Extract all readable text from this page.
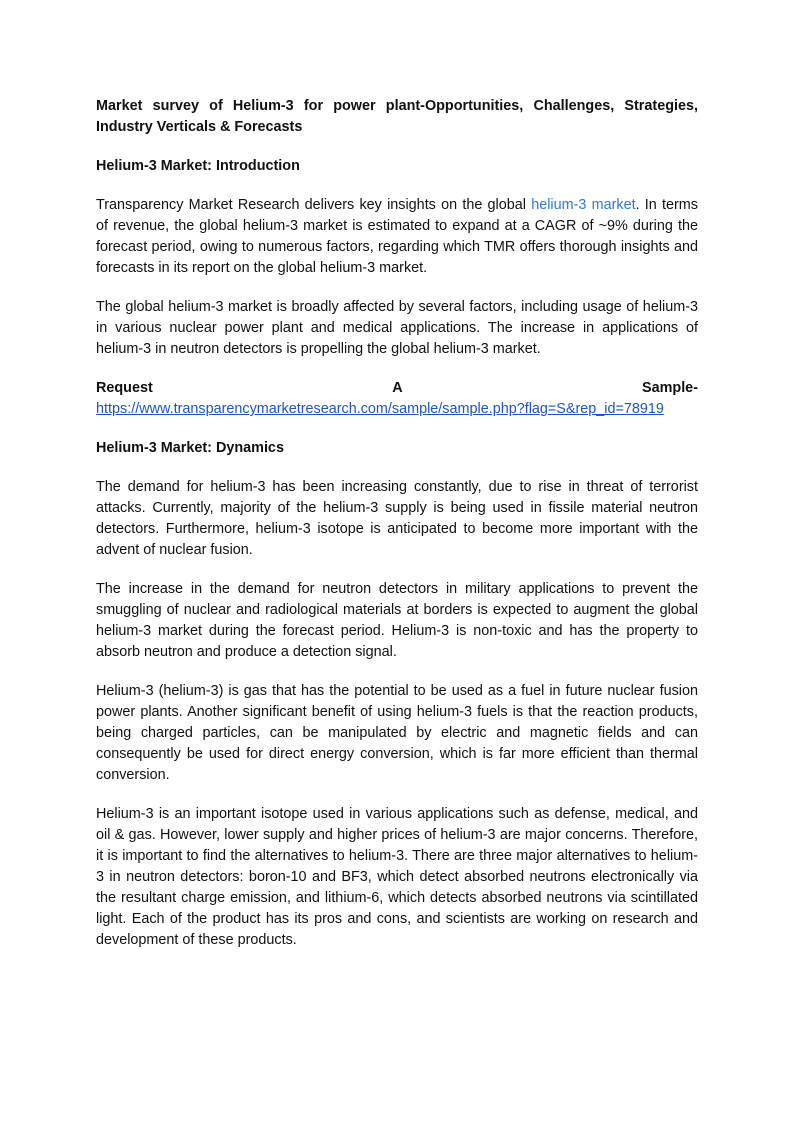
Market survey of Helium-3 for power plant-Opportunities, Challenges, Strategies, Industry Verticals & Forecasts

Helium-3 Market: Introduction

Transparency Market Research delivers key insights on the global helium-3 market. In terms of revenue, the global helium-3 market is estimated to expand at a CAGR of ~9% during the forecast period, owing to numerous factors, regarding which TMR offers thorough insights and forecasts in its report on the global helium-3 market.

The global helium-3 market is broadly affected by several factors, including usage of helium-3 in various nuclear power plant and medical applications. The increase in applications of helium-3 in neutron detectors is propelling the global helium-3 market.

Request	A	Sample-
https://www.transparencymarketresearch.com/sample/sample.php?flag=S&rep_id=78919

Helium-3 Market: Dynamics

The demand for helium-3 has been increasing constantly, due to rise in threat of terrorist attacks. Currently, majority of the helium-3 supply is being used in fissile material neutron detectors. Furthermore, helium-3 isotope is anticipated to become more important with the advent of nuclear fusion.

The increase in the demand for neutron detectors in military applications to prevent the smuggling of nuclear and radiological materials at borders is expected to augment the global helium-3 market during the forecast period. Helium-3 is non-toxic and has the property to absorb neutron and produce a detection signal.

Helium-3 (helium-3) is gas that has the potential to be used as a fuel in future nuclear fusion power plants. Another significant benefit of using helium-3 fuels is that the reaction products, being charged particles, can be manipulated by electric and magnetic fields and can consequently be used for direct energy conversion, which is far more efficient than thermal conversion.

Helium-3 is an important isotope used in various applications such as defense, medical, and oil & gas. However, lower supply and higher prices of helium-3 are major concerns. Therefore, it is important to find the alternatives to helium-3. There are three major alternatives to helium-3 in neutron detectors: boron-10 and BF3, which detect absorbed neutrons electronically via the resultant charge emission, and lithium-6, which detects absorbed neutrons via scintillated light. Each of the product has its pros and cons, and scientists are working on research and development of these products.
